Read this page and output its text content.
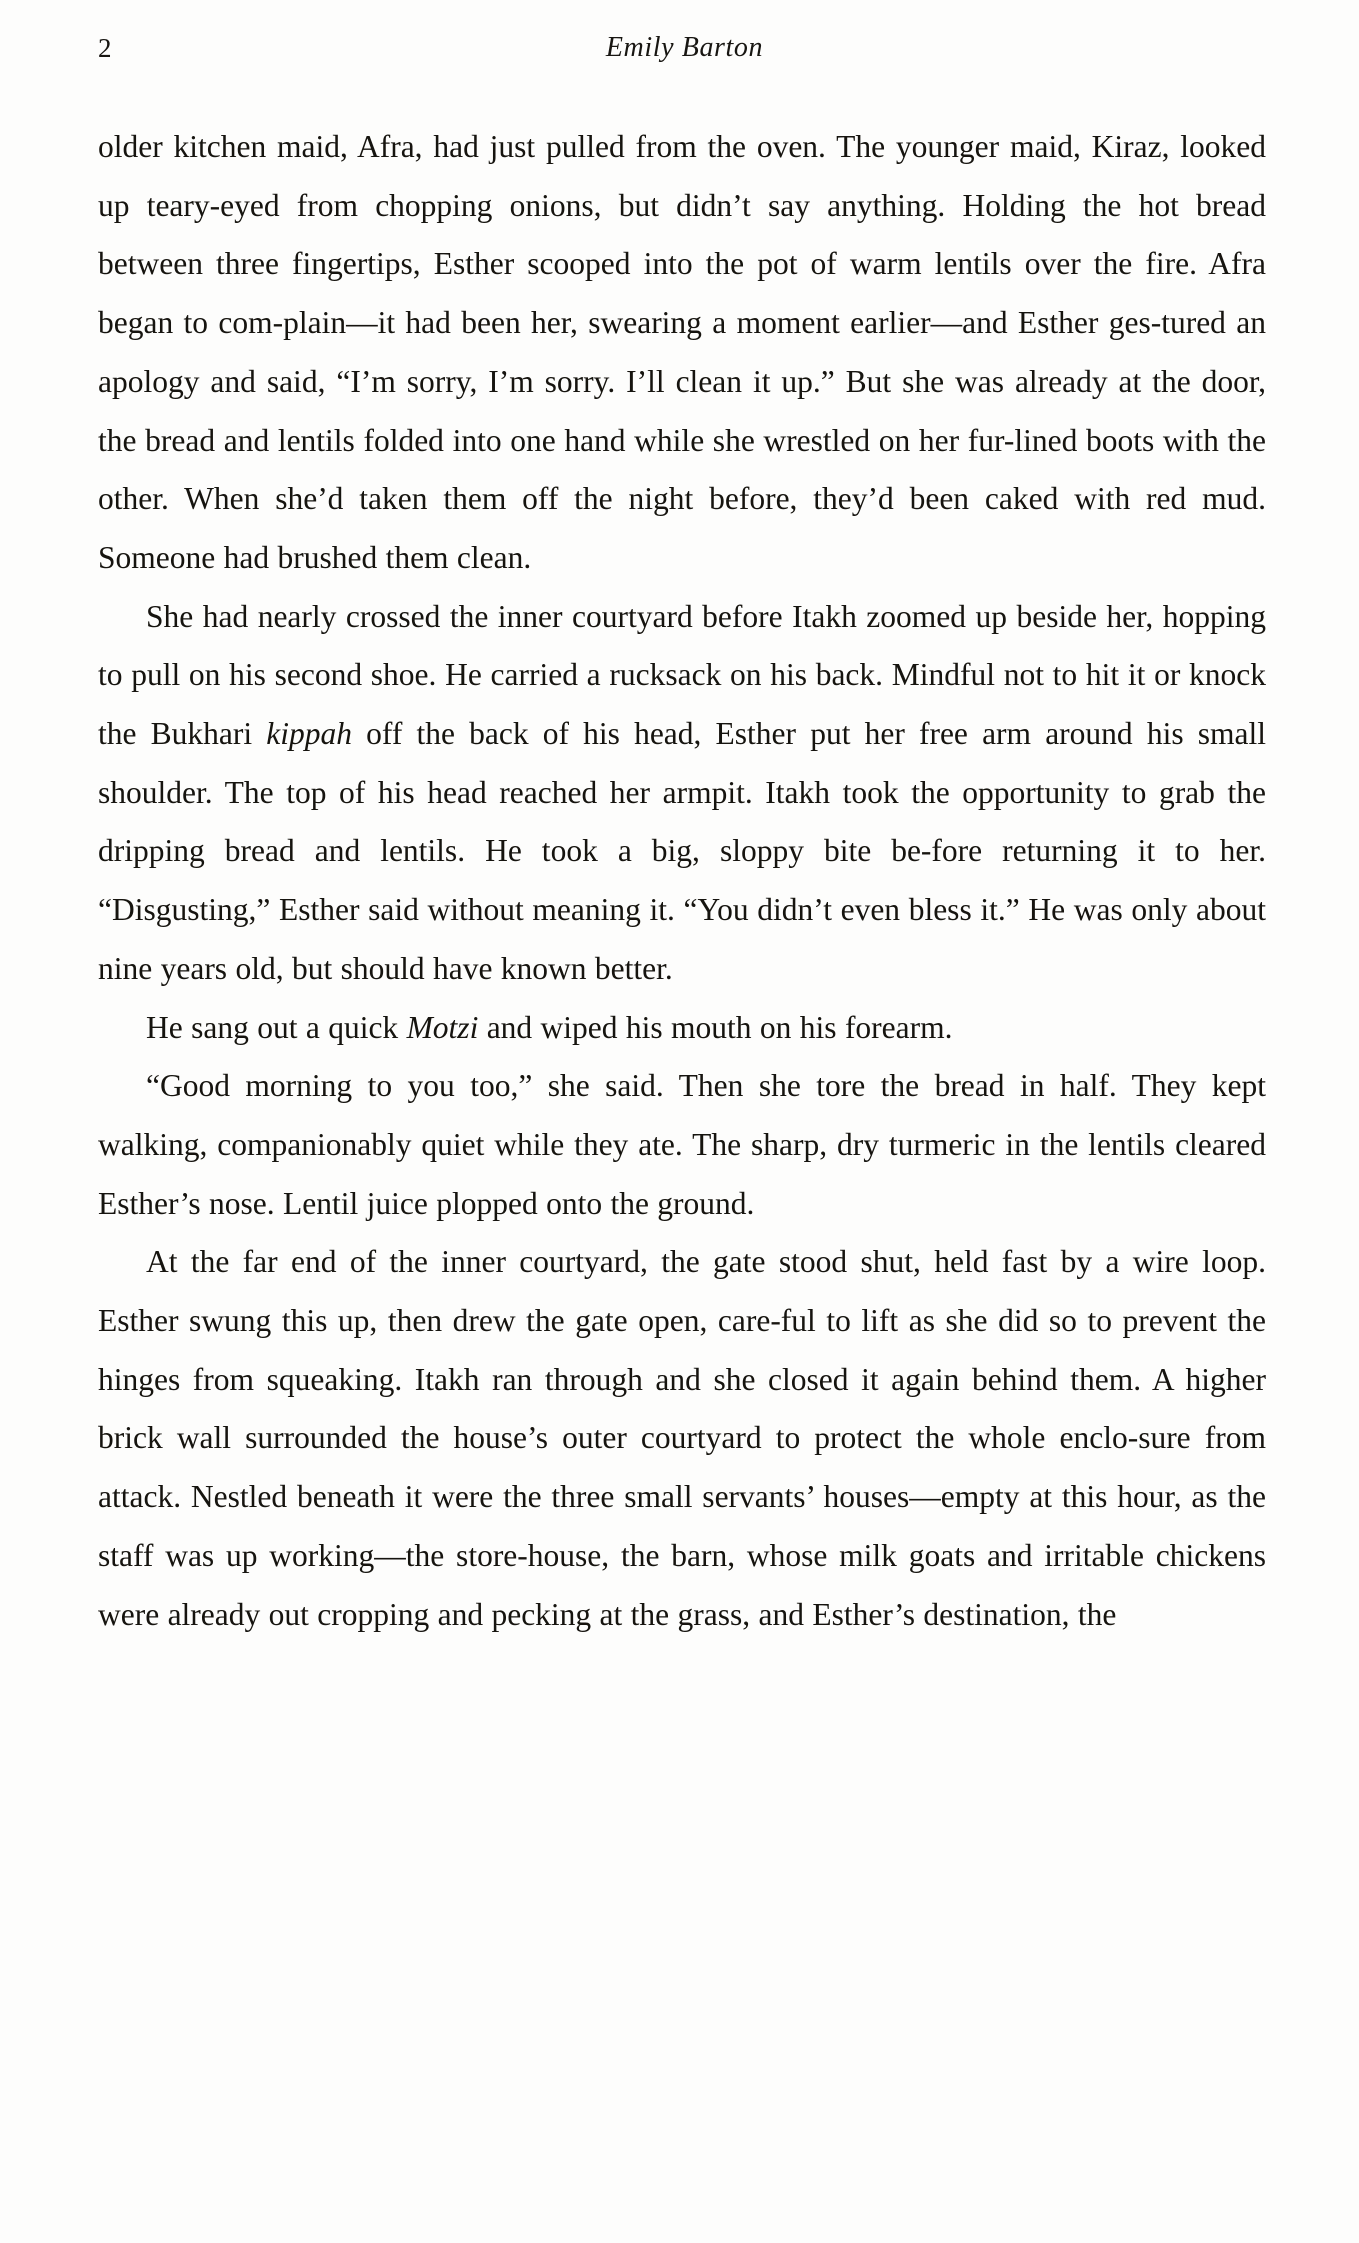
2	Emily Barton

older kitchen maid, Afra, had just pulled from the oven. The younger maid, Kiraz, looked up teary-eyed from chopping onions, but didn’t say anything. Holding the hot bread between three fingertips, Esther scooped into the pot of warm lentils over the fire. Afra began to com-plain—it had been her, swearing a moment earlier—and Esther ges-tured an apology and said, “I’m sorry, I’m sorry. I’ll clean it up.” But she was already at the door, the bread and lentils folded into one hand while she wrestled on her fur-lined boots with the other. When she’d taken them off the night before, they’d been caked with red mud. Someone had brushed them clean.

She had nearly crossed the inner courtyard before Itakh zoomed up beside her, hopping to pull on his second shoe. He carried a rucksack on his back. Mindful not to hit it or knock the Bukhari kippah off the back of his head, Esther put her free arm around his small shoulder. The top of his head reached her armpit. Itakh took the opportunity to grab the dripping bread and lentils. He took a big, sloppy bite be-fore returning it to her. “Disgusting,” Esther said without meaning it. “You didn’t even bless it.” He was only about nine years old, but should have known better.

He sang out a quick Motzi and wiped his mouth on his forearm.

“Good morning to you too,” she said. Then she tore the bread in half. They kept walking, companionably quiet while they ate. The sharp, dry turmeric in the lentils cleared Esther’s nose. Lentil juice plopped onto the ground.

At the far end of the inner courtyard, the gate stood shut, held fast by a wire loop. Esther swung this up, then drew the gate open, care-ful to lift as she did so to prevent the hinges from squeaking. Itakh ran through and she closed it again behind them. A higher brick wall surrounded the house’s outer courtyard to protect the whole enclo-sure from attack. Nestled beneath it were the three small servants’ houses—empty at this hour, as the staff was up working—the store-house, the barn, whose milk goats and irritable chickens were already out cropping and pecking at the grass, and Esther’s destination, the
